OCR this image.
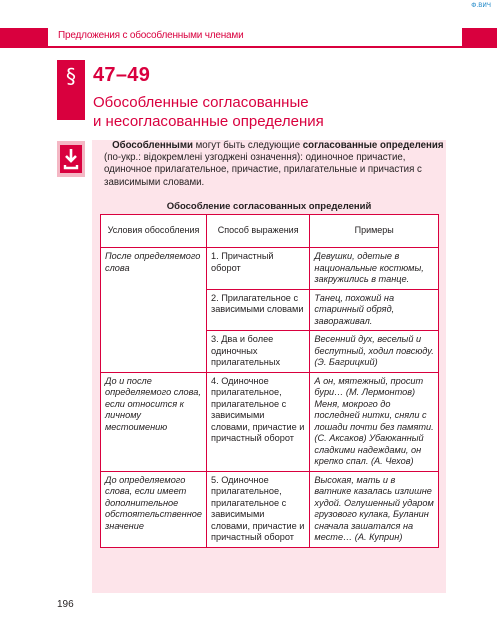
Ф.ВИЧ
Предложения с обособленными членами
§ 47–49
Обособленные согласованные
и несогласованные определения
Обособленными могут быть следующие согласованные определения (по-укр.: відокремлені узгоджені означення): одиночное причастие, одиночное прилагательное, причастие, прилагательные и причастия с зависимыми словами.
Обособление согласованных определений
Условия обособления	Способ выражения	Примеры
После определяемого слова	1. Причастный оборот	Девушки, одетые в национальные костюмы, закружились в танце.
	2. Прилагательное с зависимыми словами	Танец, похожий на старинный обряд, завораживал.
	3. Два и более одиночных прилагательных	Весенний дух, веселый и беспутный, ходил повсюду. (Э. Багрицкий)
До и после определяемого слова, если относится к личному местоимению	4. Одиночное прилагательное, прилагательное с зависимыми словами, причастие и причастный оборот	А он, мятежный, просит бури… (М. Лермонтов) Меня, мокрого до последней нитки, сняли с лошади почти без памяти. (С. Аксаков) Убаюканный сладкими надеждами, он крепко спал. (А. Чехов)
До определяемого слова, если имеет дополнительное обстоятельственное значение	5. Одиночное прилагательное, прилагательное с зависимыми словами, причастие и причастный оборот	Высокая, мать и в ватнике казалась излишне худой. Оглушенный ударом грузового кулака, Буланин сначала зашатался на месте… (А. Куприн)
196
